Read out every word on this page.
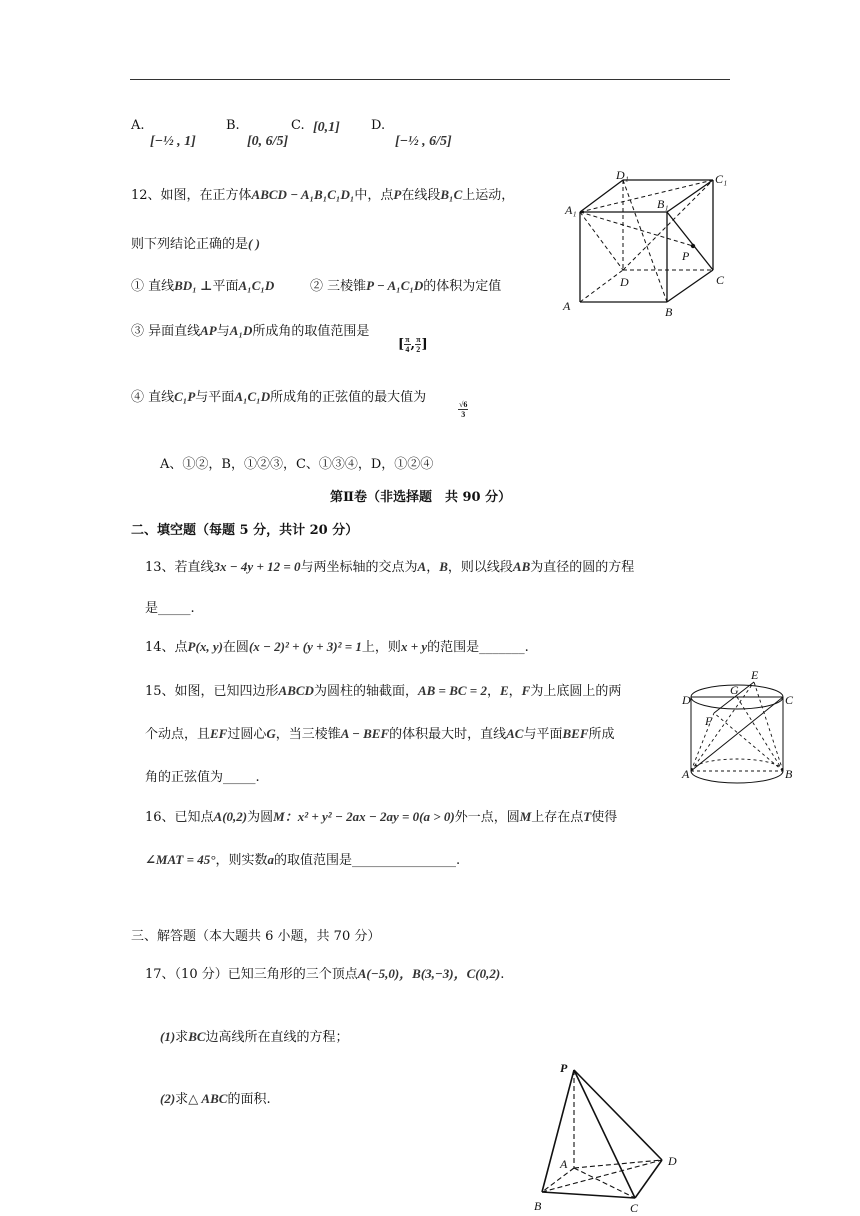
A.
[−½ , 1]
B.
[0, 6/5]
C. [0,1] D.
[−½ , 6/5]
12、如图，在正方体ABCD − A₁B₁C₁D₁中，点P在线段B₁C上运动，
则下列结论正确的是( )
① 直线BD₁ ⊥平面A₁C₁D	② 三棱锥P − A₁C₁D的体积为定值
③ 异面直线AP与A₁D所成角的取值范围是
[ $\frac{\pi}{4}$ , $\frac{\pi}{2}$ ]
④ 直线C₁P与平面A₁C₁D所成角的正弦值的最大值为
$\frac{√6}{3}$
A、①②，B，①②③，C、①③④，D，①②④
A	B
C
D
A₁	B₁
C₁
D₁
P
第Ⅱ卷（非选择题　共 90 分）
二、填空题（每题 5 分，共计 20 分）
13、若直线3x − 4y + 12 = 0与两坐标轴的交点为A，B，则以线段AB为直径的圆的方程
是_____.
14、点P(x, y)在圆(x − 2)² + (y + 3)² = 1上，则x + y的范围是_______.
15、如图，已知四边形ABCD为圆柱的轴截面，AB = BC = 2，E，F为上底圆上的两
个动点，且EF过圆心G，当三棱锥A − BEF的体积最大时，直线AC与平面BEF所成
角的正弦值为_____.	A	B
C
D
E
F
G
16、已知点A(0,2)为圆M：x² + y² − 2ax − 2ay = 0(a > 0)外一点，圆M上存在点T使得
∠MAT = 45°，则实数a的取值范围是________________.
三、解答题（本大题共 6 小题，共 70 分）
17、（10 分）已知三角形的三个顶点A(−5,0)，B(3,−3)，C(0,2).
(1)求BC边高线所在直线的方程；
(2)求△ ABC的面积.
P
A
B	C
D
